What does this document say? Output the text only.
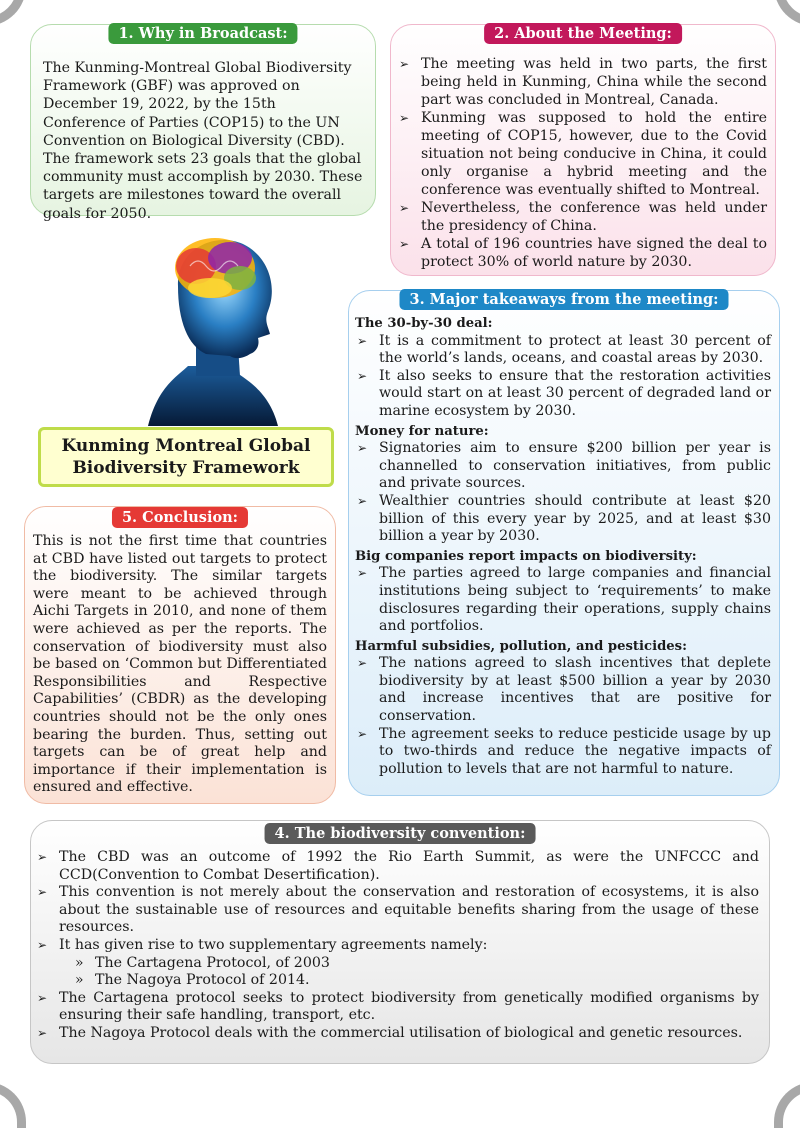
1. Why in Broadcast:

The Kunming-Montreal Global Biodiversity Framework (GBF) was approved on December 19, 2022, by the 15th Conference of Parties (COP15) to the UN Convention on Biological Diversity (CBD). The framework sets 23 goals that the global community must accomplish by 2030. These targets are milestones toward the overall goals for 2050.

2. About the Meeting:
➢ The meeting was held in two parts, the first being held in Kunming, China while the second part was concluded in Montreal, Canada.
➢ Kunming was supposed to hold the entire meeting of COP15, however, due to the Covid situation not being conducive in China, it could only organise a hybrid meeting and the conference was eventually shifted to Montreal.
➢ Nevertheless, the conference was held under the presidency of China.
➢ A total of 196 countries have signed the deal to protect 30% of world nature by 2030.
Kunming Montreal Global
Biodiversity Framework
3. Major takeaways from the meeting:
The 30-by-30 deal:
➢ It is a commitment to protect at least 30 percent of the world’s lands, oceans, and coastal areas by 2030.
➢ It also seeks to ensure that the restoration activities would start on at least 30 percent of degraded land or marine ecosystem by 2030.
Money for nature:
➢ Signatories aim to ensure $200 billion per year is channelled to conservation initiatives, from public and private sources.
➢ Wealthier countries should contribute at least $20 billion of this every year by 2025, and at least $30 billion a year by 2030.
Big companies report impacts on biodiversity:
➢ The parties agreed to large companies and financial institutions being subject to ‘requirements’ to make disclosures regarding their operations, supply chains and portfolios.
Harmful subsidies, pollution, and pesticides:
➢ The nations agreed to slash incentives that deplete biodiversity by at least $500 billion a year by 2030 and increase incentives that are positive for conservation.
➢ The agreement seeks to reduce pesticide usage by up to two-thirds and reduce the negative impacts of pollution to levels that are not harmful to nature.
5. Conclusion:

This is not the first time that countries at CBD have listed out targets to protect the biodiversity. The similar targets were meant to be achieved through Aichi Targets in 2010, and none of them were achieved as per the reports. The conservation of biodiversity must also be based on ‘Common but Differentiated Responsibilities and Respective Capabilities’ (CBDR) as the developing countries should not be the only ones bearing the burden. Thus, setting out targets can be of great help and importance if their implementation is ensured and effective.

4. The biodiversity convention:
➢ The CBD was an outcome of 1992 the Rio Earth Summit, as were the UNFCCC and CCD(Convention to Combat Desertification).
➢ This convention is not merely about the conservation and restoration of ecosystems, it is also about the sustainable use of resources and equitable benefits sharing from the usage of these resources.
➢ It has given rise to two supplementary agreements namely:
» The Cartagena Protocol, of 2003
» The Nagoya Protocol of 2014.
➢ The Cartagena protocol seeks to protect biodiversity from genetically modified organisms by ensuring their safe handling, transport, etc.
➢ The Nagoya Protocol deals with the commercial utilisation of biological and genetic resources.
